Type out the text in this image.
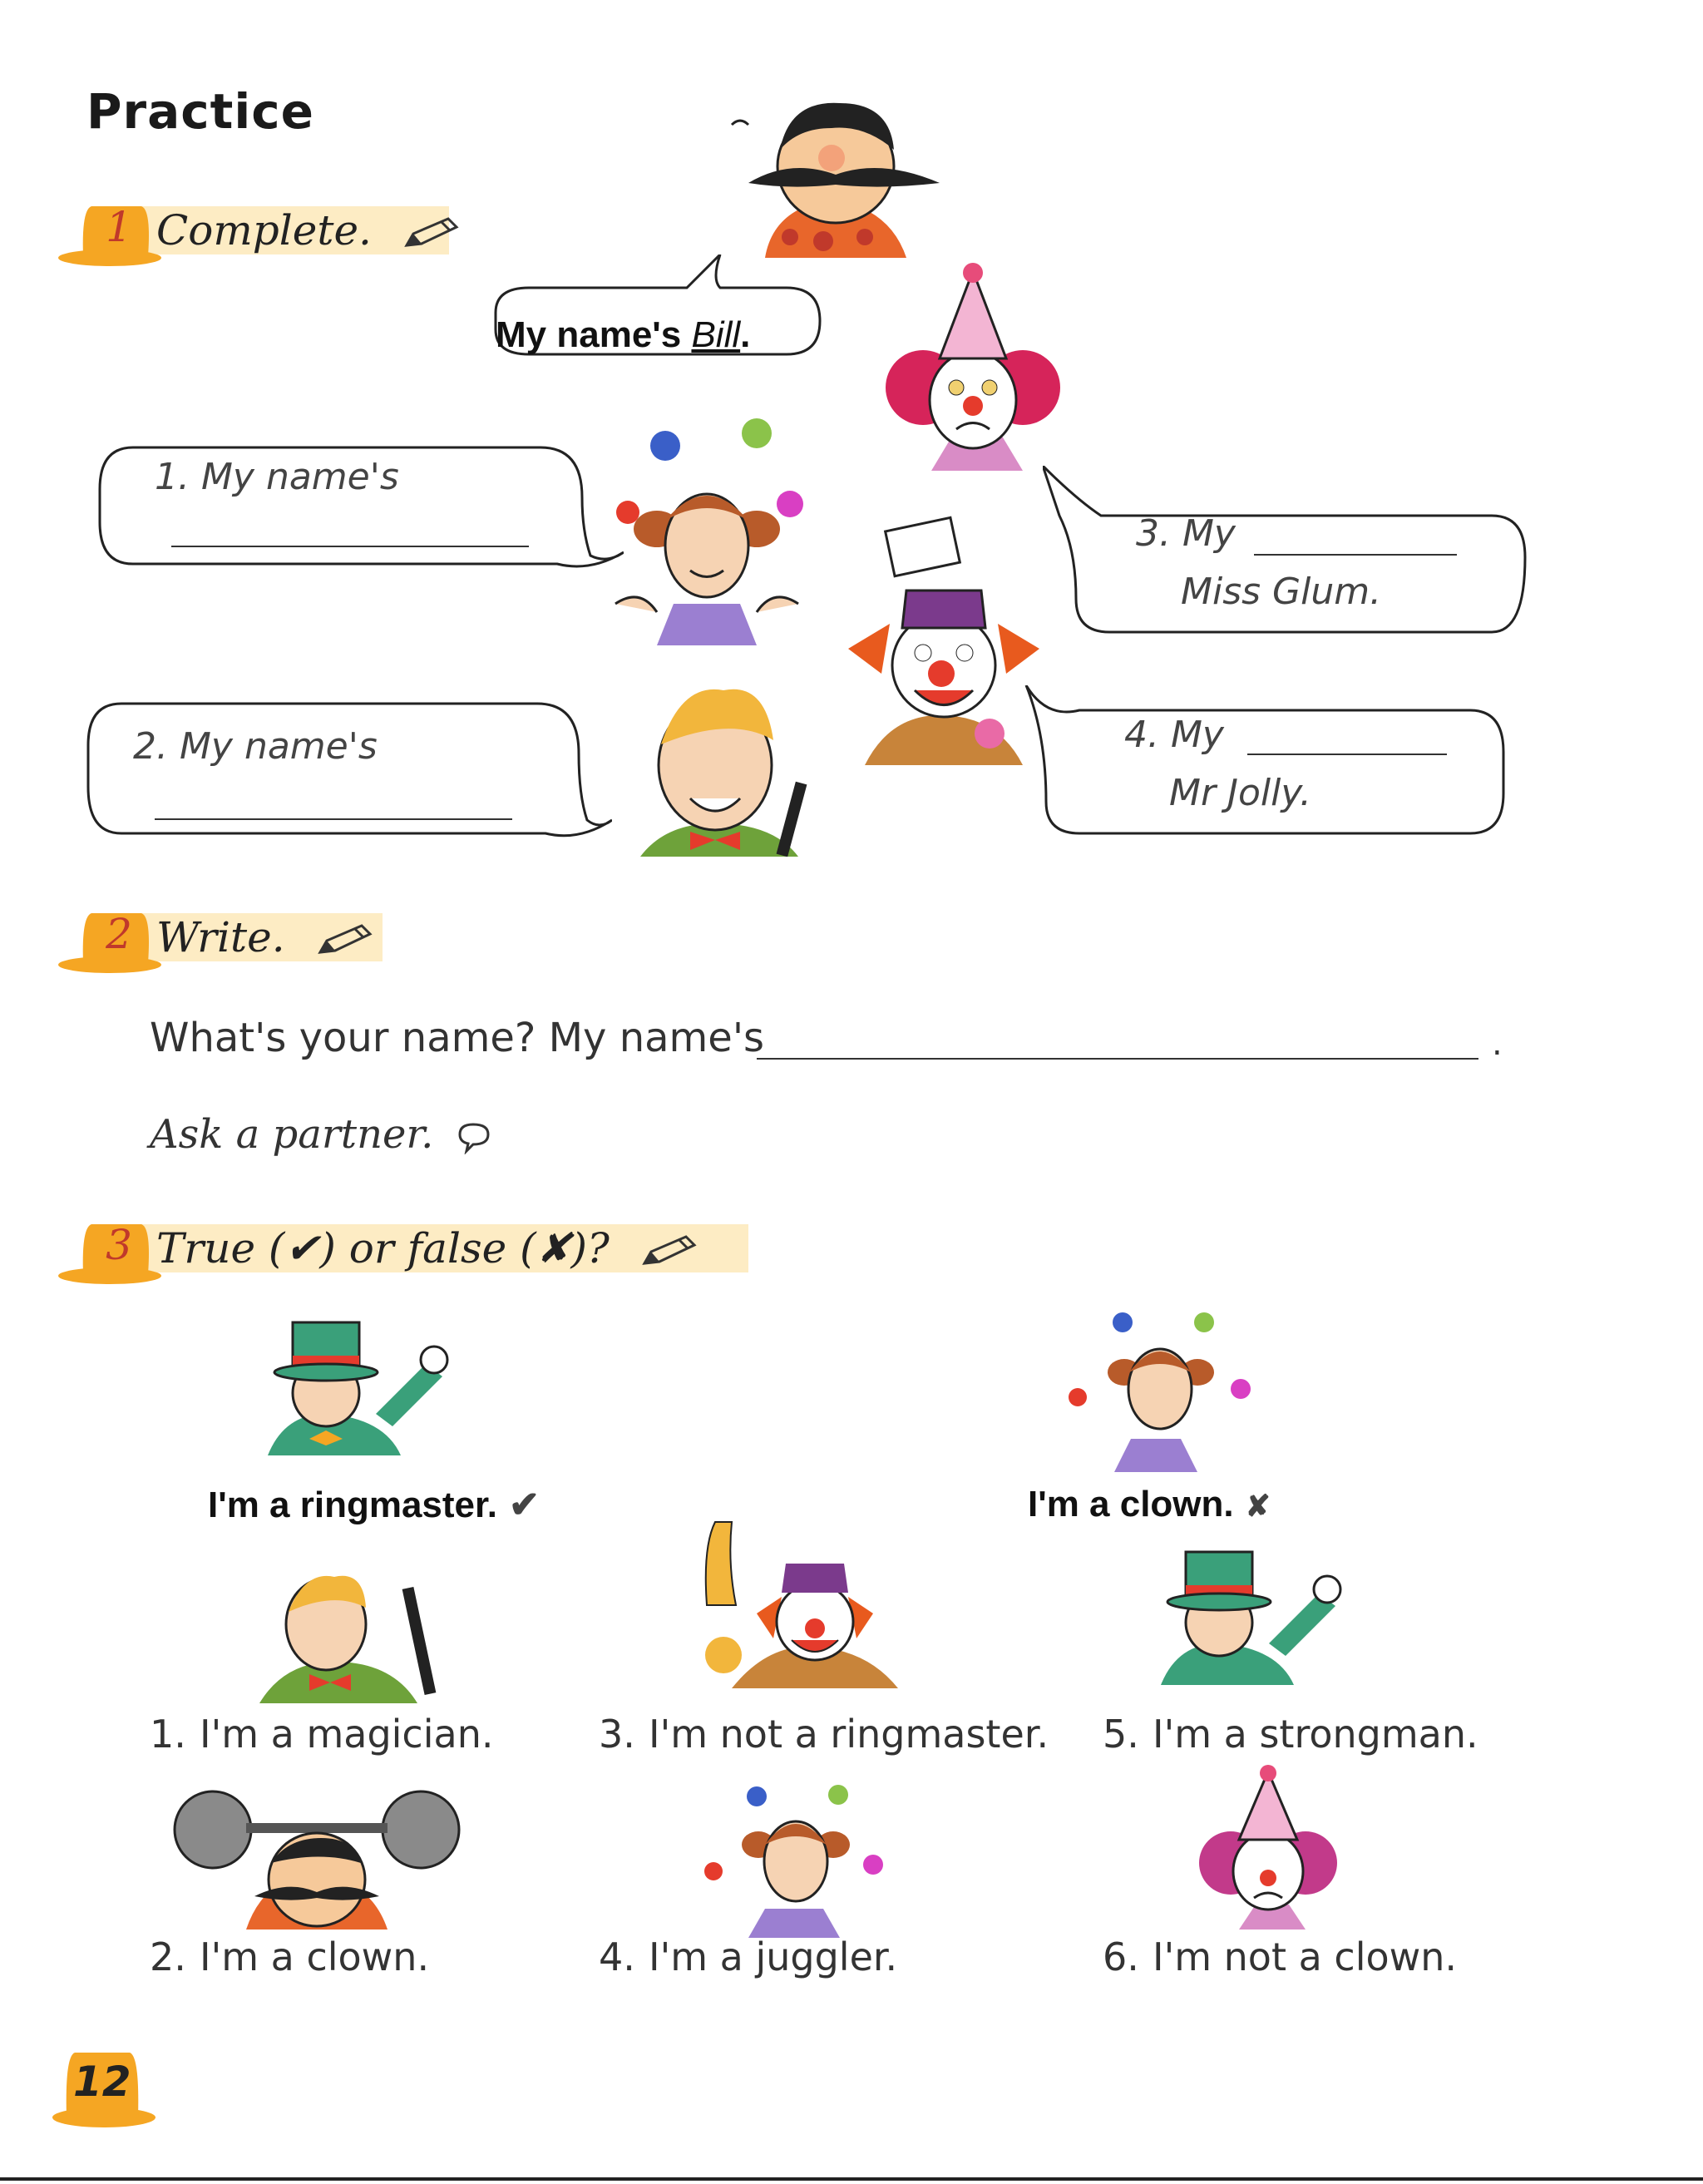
Practice
1 Complete.
My name's Bill.
1. My name's
2. My name's
3. My
Miss Glum.
4. My
Mr Jolly.
2 Write.
What's your name? My name's	.
Ask a partner.
3 True (✔) or false (✘)?
I'm a ringmaster. ✔	I'm a clown. ✘
1. I'm a magician.	3. I'm not a ringmaster. 5. I'm a strongman.
2. I'm a clown.	4. I'm a juggler.	6. I'm not a clown.
12
